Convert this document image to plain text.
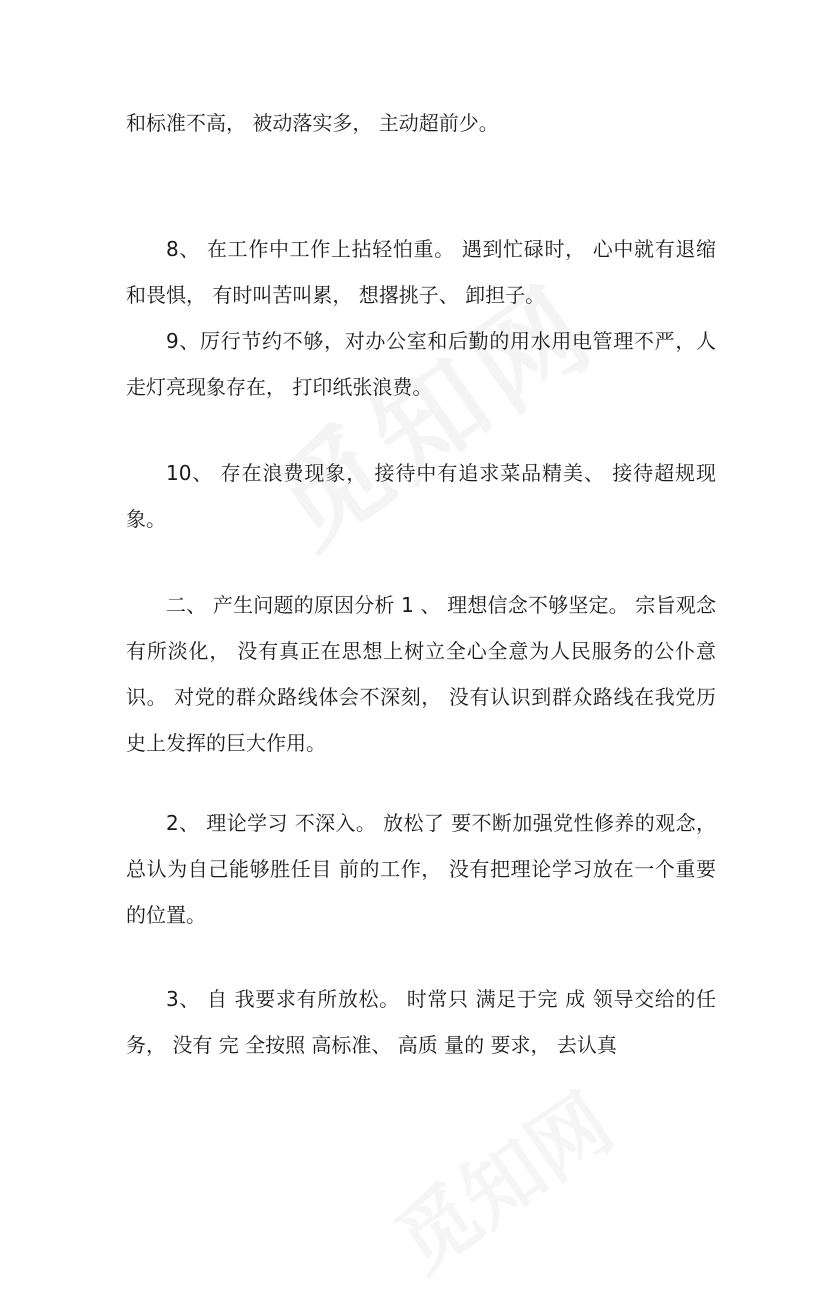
和标准不高， 被动落实多， 主动超前少。

8、 在工作中工作上拈轻怕重。 遇到忙碌时， 心中就有退缩和畏惧， 有时叫苦叫累， 想撂挑子、 卸担子。

9、厉行节约不够，对办公室和后勤的用水用电管理不严，人走灯亮现象存在， 打印纸张浪费。

10、 存在浪费现象， 接待中有追求菜品精美、 接待超规现象。

二、 产生问题的原因分析 1 、 理想信念不够坚定。 宗旨观念有所淡化， 没有真正在思想上树立全心全意为人民服务的公仆意识。 对党的群众路线体会不深刻， 没有认识到群众路线在我党历史上发挥的巨大作用。

2、 理论学习 不深入。 放松了 要不断加强党性修养的观念，总认为自己能够胜任目 前的工作， 没有把理论学习放在一个重要的位置。

3、 自 我要求有所放松。 时常只 满足于完 成 领导交给的任务， 没有 完 全按照 高标准、 高质 量的 要求， 去认真
